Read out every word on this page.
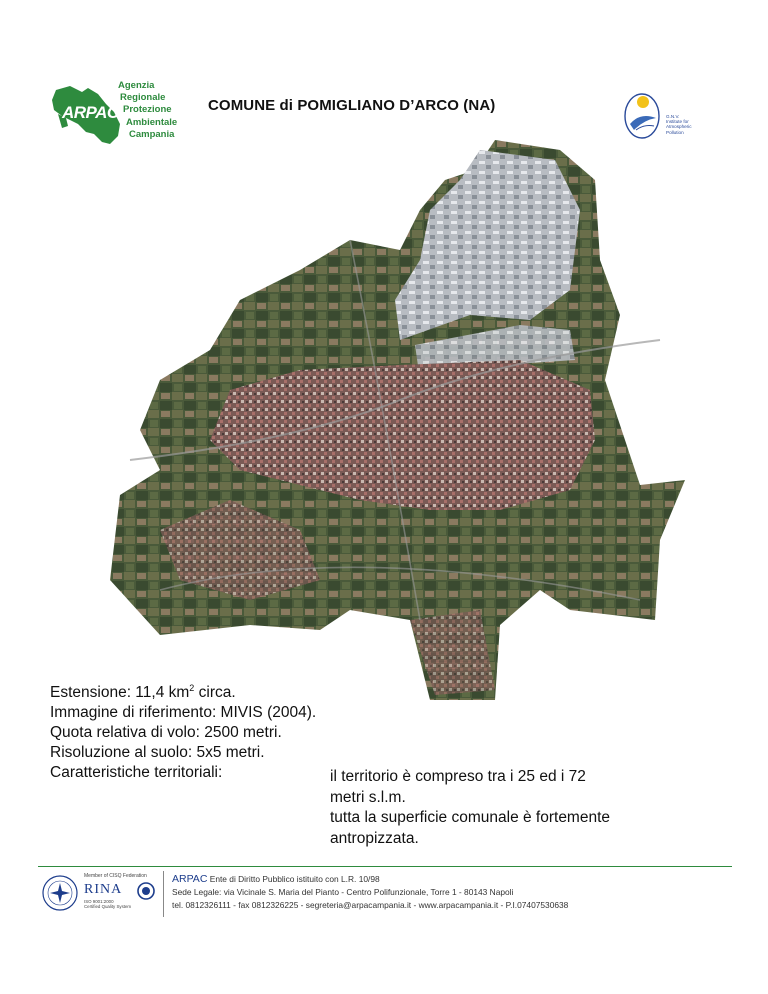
ARPAC
Agenzia
Regionale
Protezione
Ambientale
Campania
COMUNE di POMIGLIANO D’ARCO (NA)
G.N.V.
Institute for
Atmospheric
Pollution
Estensione: 11,4 $km^2$ circa.
Immagine di riferimento: MIVIS (2004).
Quota relativa di volo: 2500 metri.
Risoluzione al suolo: 5x5 metri.
Caratteristiche territoriali:	il territorio è compreso tra i 25 ed i 72
metri s.l.m.
tutta la superficie comunale è fortemente
antropizzata.
Member of CISQ Federation
RINA
ISO 9001:2000
Certified Quality System
ARPAC Ente di Diritto Pubblico istituito con L.R. 10/98
Sede Legale: via Vicinale S. Maria del Pianto - Centro Polifunzionale, Torre 1 - 80143 Napoli
tel. 0812326111 - fax 0812326225 - segreteria@arpacampania.it - www.arpacampania.it - P.I.07407530638
